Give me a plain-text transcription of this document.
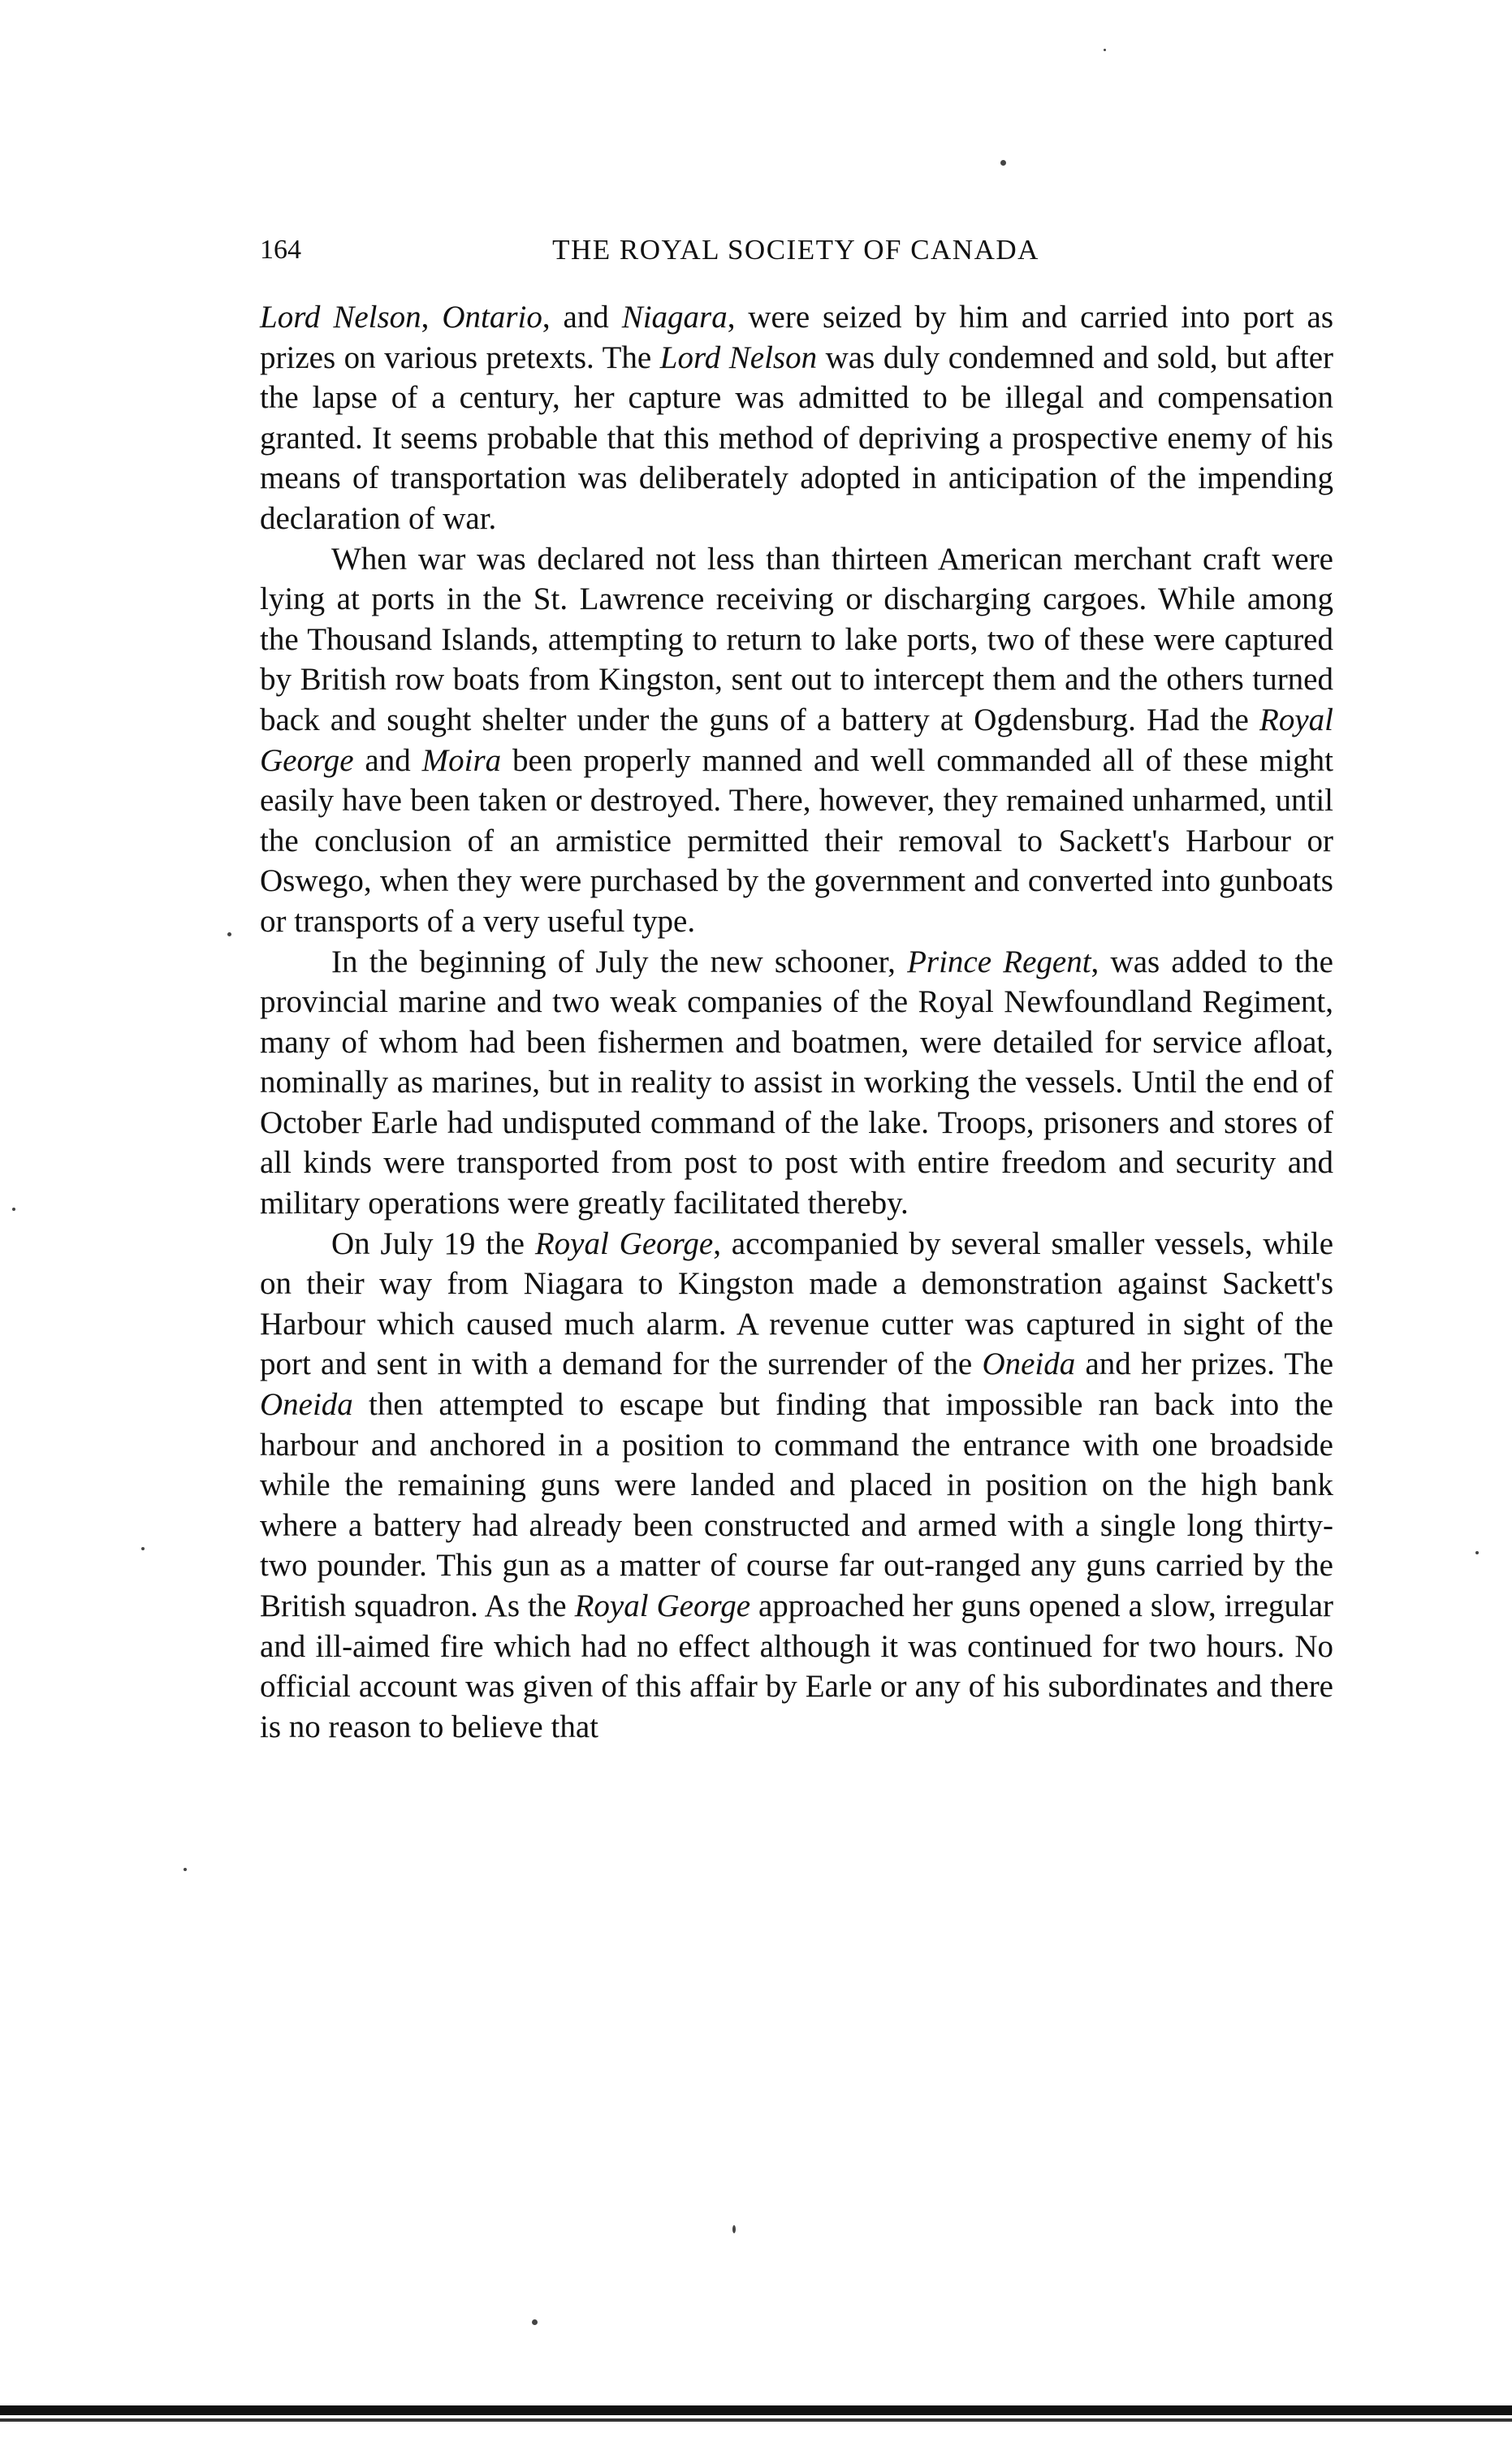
164	THE ROYAL SOCIETY OF CANADA

Lord Nelson, Ontario, and Niagara, were seized by him and carried into port as prizes on various pretexts. The Lord Nelson was duly condemned and sold, but after the lapse of a century, her capture was admitted to be illegal and compensation granted. It seems probable that this method of depriving a prospective enemy of his means of transportation was deliberately adopted in anticipation of the impending declaration of war.

When war was declared not less than thirteen American merchant craft were lying at ports in the St. Lawrence receiving or discharging cargoes. While among the Thousand Islands, attempting to return to lake ports, two of these were captured by British row boats from Kingston, sent out to intercept them and the others turned back and sought shelter under the guns of a battery at Ogdensburg. Had the Royal George and Moira been properly manned and well commanded all of these might easily have been taken or destroyed. There, however, they remained unharmed, until the conclusion of an armistice permitted their removal to Sackett's Harbour or Oswego, when they were purchased by the government and converted into gunboats or transports of a very useful type.

In the beginning of July the new schooner, Prince Regent, was added to the provincial marine and two weak companies of the Royal Newfoundland Regiment, many of whom had been fishermen and boatmen, were detailed for service afloat, nominally as marines, but in reality to assist in working the vessels. Until the end of October Earle had undisputed command of the lake. Troops, prisoners and stores of all kinds were transported from post to post with entire freedom and security and military operations were greatly facilitated thereby.

On July 19 the Royal George, accompanied by several smaller vessels, while on their way from Niagara to Kingston made a demonstration against Sackett's Harbour which caused much alarm. A revenue cutter was captured in sight of the port and sent in with a demand for the surrender of the Oneida and her prizes. The Oneida then attempted to escape but finding that impossible ran back into the harbour and anchored in a position to command the entrance with one broadside while the remaining guns were landed and placed in position on the high bank where a battery had already been constructed and armed with a single long thirty-two pounder. This gun as a matter of course far out-ranged any guns carried by the British squadron. As the Royal George approached her guns opened a slow, irregular and ill-aimed fire which had no effect although it was continued for two hours. No official account was given of this affair by Earle or any of his subordinates and there is no reason to believe that
